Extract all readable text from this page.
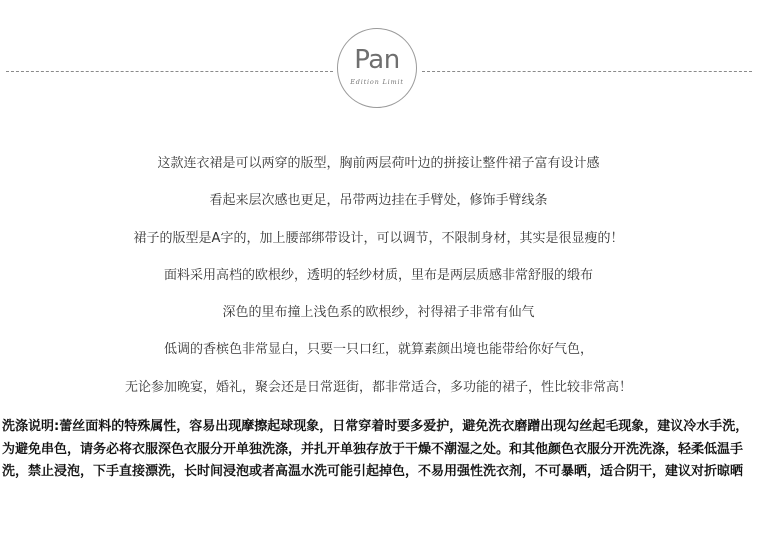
Pan
Edition Limit
这款连衣裙是可以两穿的版型，胸前两层荷叶边的拼接让整件裙子富有设计感
看起来层次感也更足，吊带两边挂在手臂处，修饰手臂线条
裙子的版型是A字的，加上腰部绑带设计，可以调节，不限制身材，其实是很显瘦的！
面料采用高档的欧根纱，透明的轻纱材质，里布是两层质感非常舒服的缎布
深色的里布撞上浅色系的欧根纱，衬得裙子非常有仙气
低调的香槟色非常显白，只要一只口红，就算素颜出境也能带给你好气色，
无论参加晚宴，婚礼，聚会还是日常逛街，都非常适合，多功能的裙子，性比较非常高！
洗涤说明:蕾丝面料的特殊属性，容易出现摩擦起球现象，日常穿着时要多爱护，避免洗衣磨蹭出现勾丝起毛现象，建议冷水手洗，为避免串色，请务必将衣服深色衣服分开单独洗涤，并扎开单独存放于干燥不潮湿之处。和其他颜色衣服分开洗洗涤，轻柔低温手洗，禁止浸泡，下手直接漂洗，长时间浸泡或者高温水洗可能引起掉色，不易用强性洗衣剂，不可暴晒，适合阴干，建议对折晾晒
